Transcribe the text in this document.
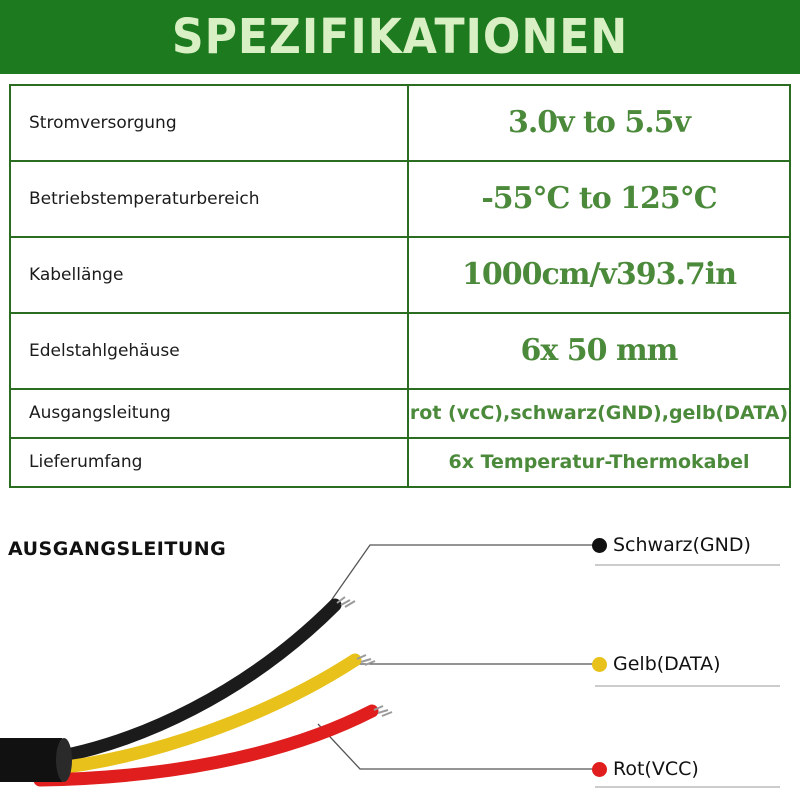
SPEZIFIKATIONEN
Stromversorgung	3.0v to 5.5v
Betriebstemperaturbereich	-55°C to 125°C
Kabellänge	1000cm/v393.7in
Edelstahlgehäuse	6x 50 mm
Ausgangsleitung	rot (vcC),schwarz(GND),gelb(DATA)
Lieferumfang	6x Temperatur-Thermokabel
AUSGANGSLEITUNG	Schwarz(GND)
Gelb(DATA)
Rot(VCC)
